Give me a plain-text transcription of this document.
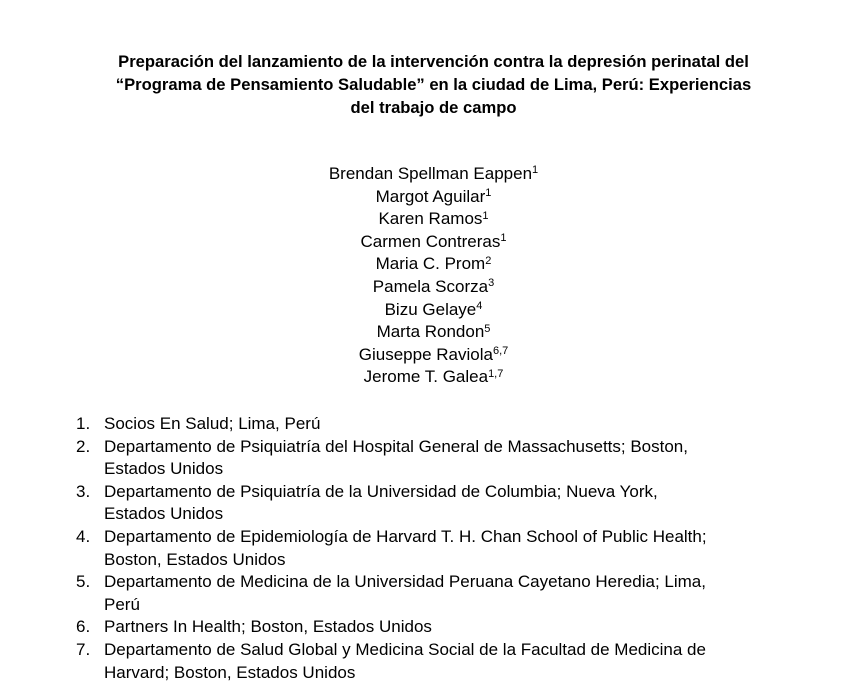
Preparación del lanzamiento de la intervención contra la depresión perinatal del
“Programa de Pensamiento Saludable” en la ciudad de Lima, Perú: Experiencias
del trabajo de campo
Brendan Spellman Eappen$^1$
Margot Aguilar$^1$
Karen Ramos$^1$
Carmen Contreras$^1$
Maria C. Prom$^2$
Pamela Scorza$^3$
Bizu Gelaye$^4$
Marta Rondon$^5$
Giuseppe Raviola$^{6,7}$
Jerome T. Galea$^{1,7}$
1. Socios En Salud; Lima, Perú
2. Departamento de Psiquiatría del Hospital General de Massachusetts; Boston,
Estados Unidos
3. Departamento de Psiquiatría de la Universidad de Columbia; Nueva York,
Estados Unidos
4. Departamento de Epidemiología de Harvard T. H. Chan School of Public Health;
Boston, Estados Unidos
5. Departamento de Medicina de la Universidad Peruana Cayetano Heredia; Lima,
Perú
6. Partners In Health; Boston, Estados Unidos
7. Departamento de Salud Global y Medicina Social de la Facultad de Medicina de
Harvard; Boston, Estados Unidos
